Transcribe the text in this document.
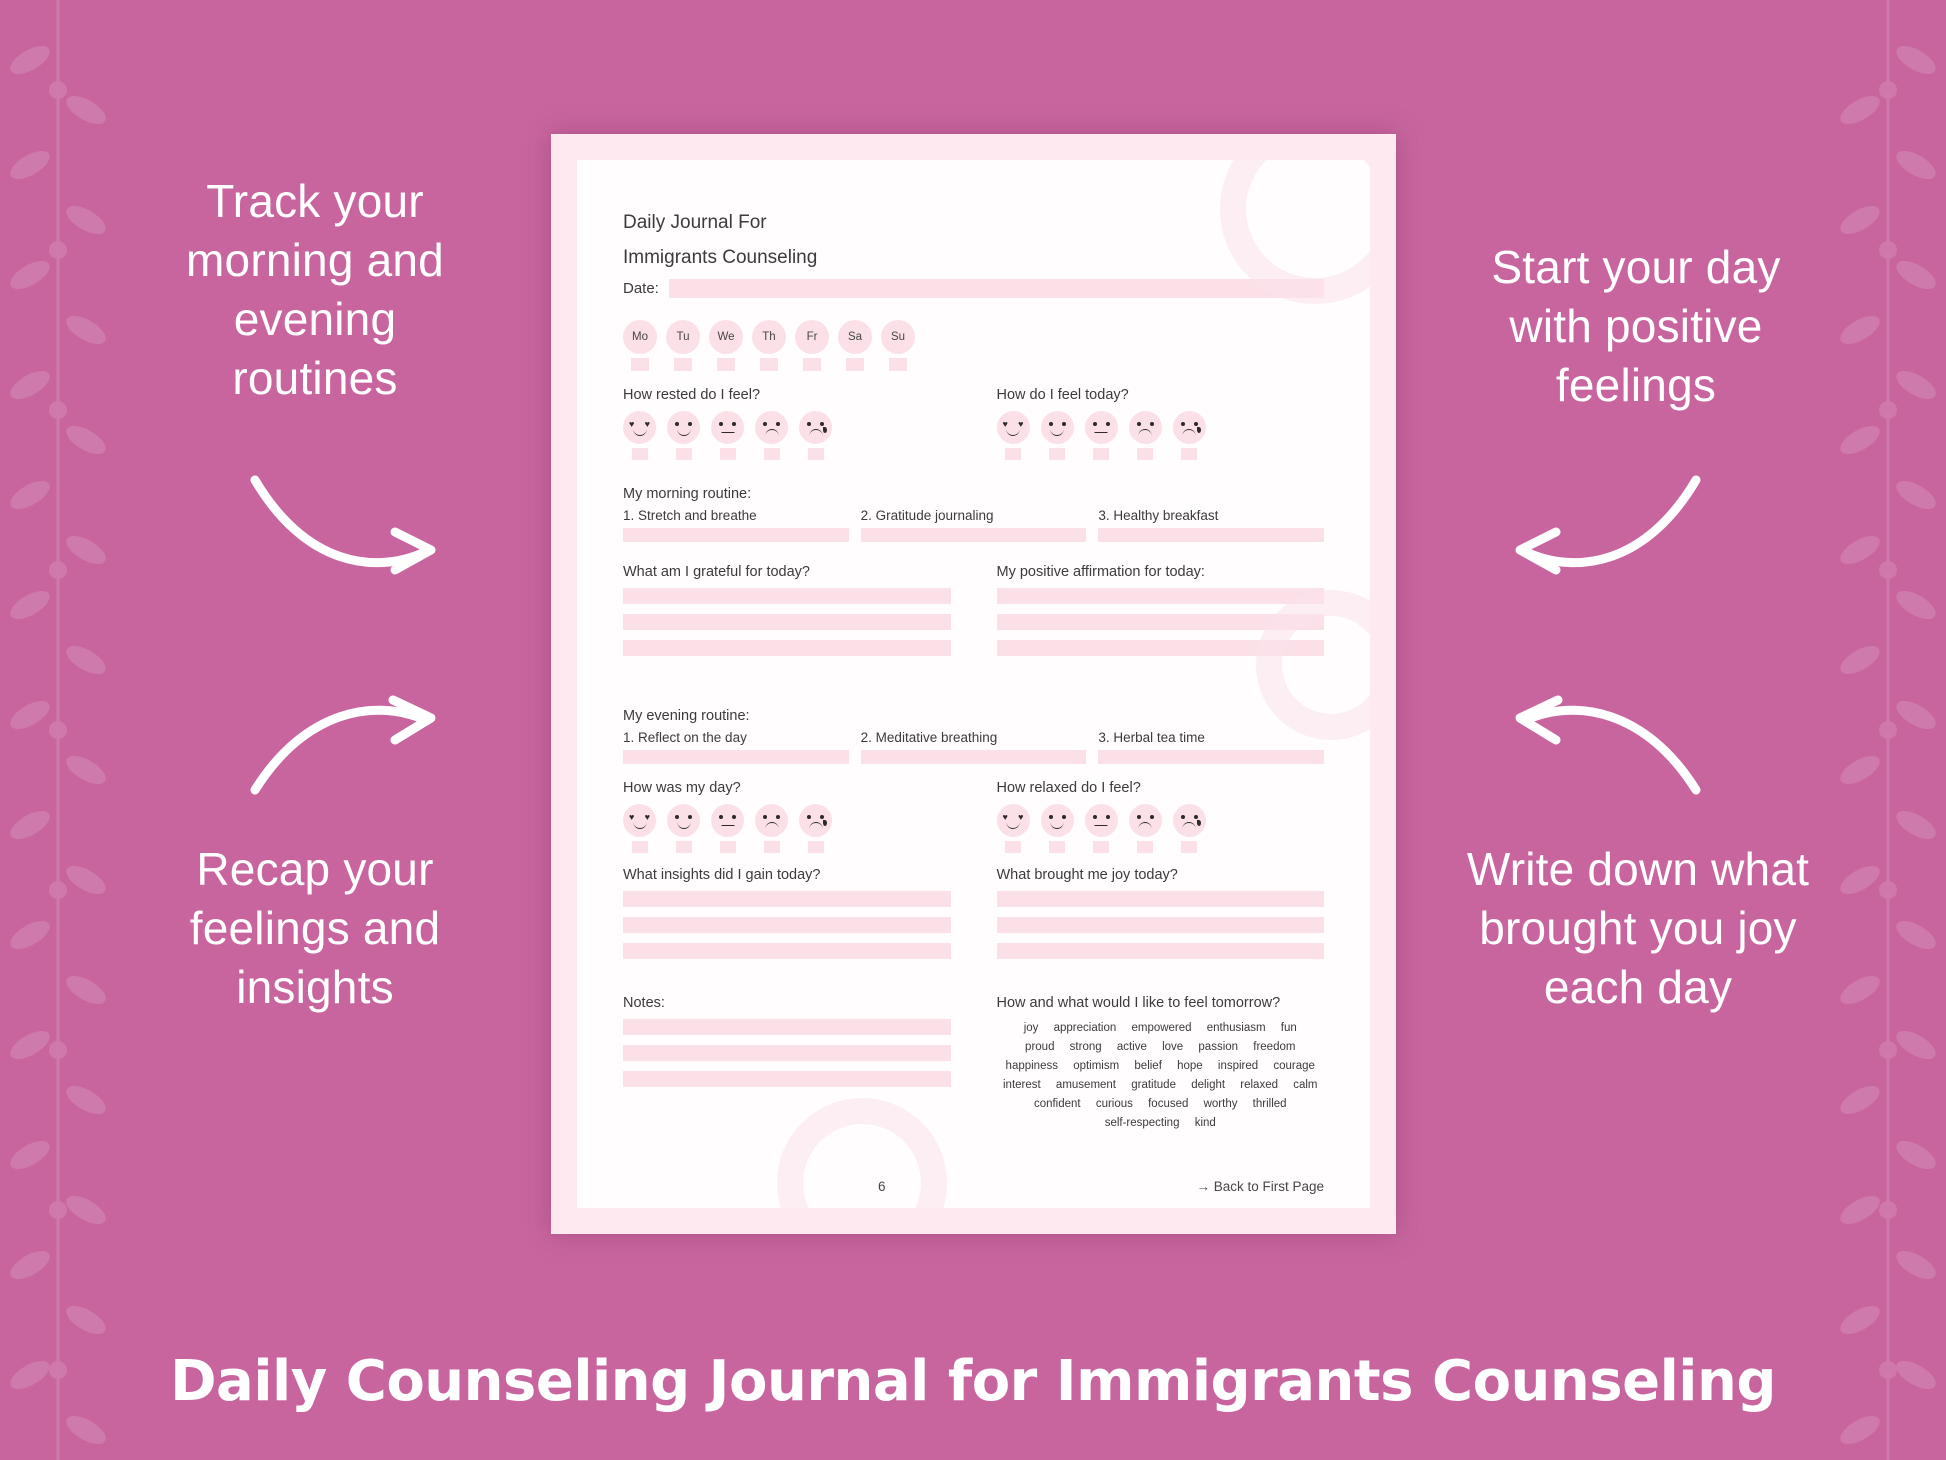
Track your morning and evening routines
Recap your feelings and insights
Start your day with positive feelings
Write down what brought you joy each day
Daily Journal For
Immigrants Counseling
Date:
Mo	Tu	We	Th	Fr	Sa	Su
How rested do I feel?
♥ ♥
How do I feel today?
♥ ♥
My morning routine:
1. Stretch and breathe	2. Gratitude journaling	3. Healthy breakfast
What am I grateful for today?	My positive affirmation for today:
My evening routine:
1. Reflect on the day	2. Meditative breathing	3. Herbal tea time
How was my day?
♥ ♥
How relaxed do I feel?
♥ ♥
What insights did I gain today?	What brought me joy today?
Notes:	How and what would I like to feel tomorrow?
joy appreciation empowered enthusiasm fun proud strong active love passion freedom happiness optimism belief hope inspired courage interest amusement gratitude delight relaxed calm confident curious focused worthy thrilled self-respecting kind
6	→ Back to First Page
Daily Counseling Journal for Immigrants Counseling
